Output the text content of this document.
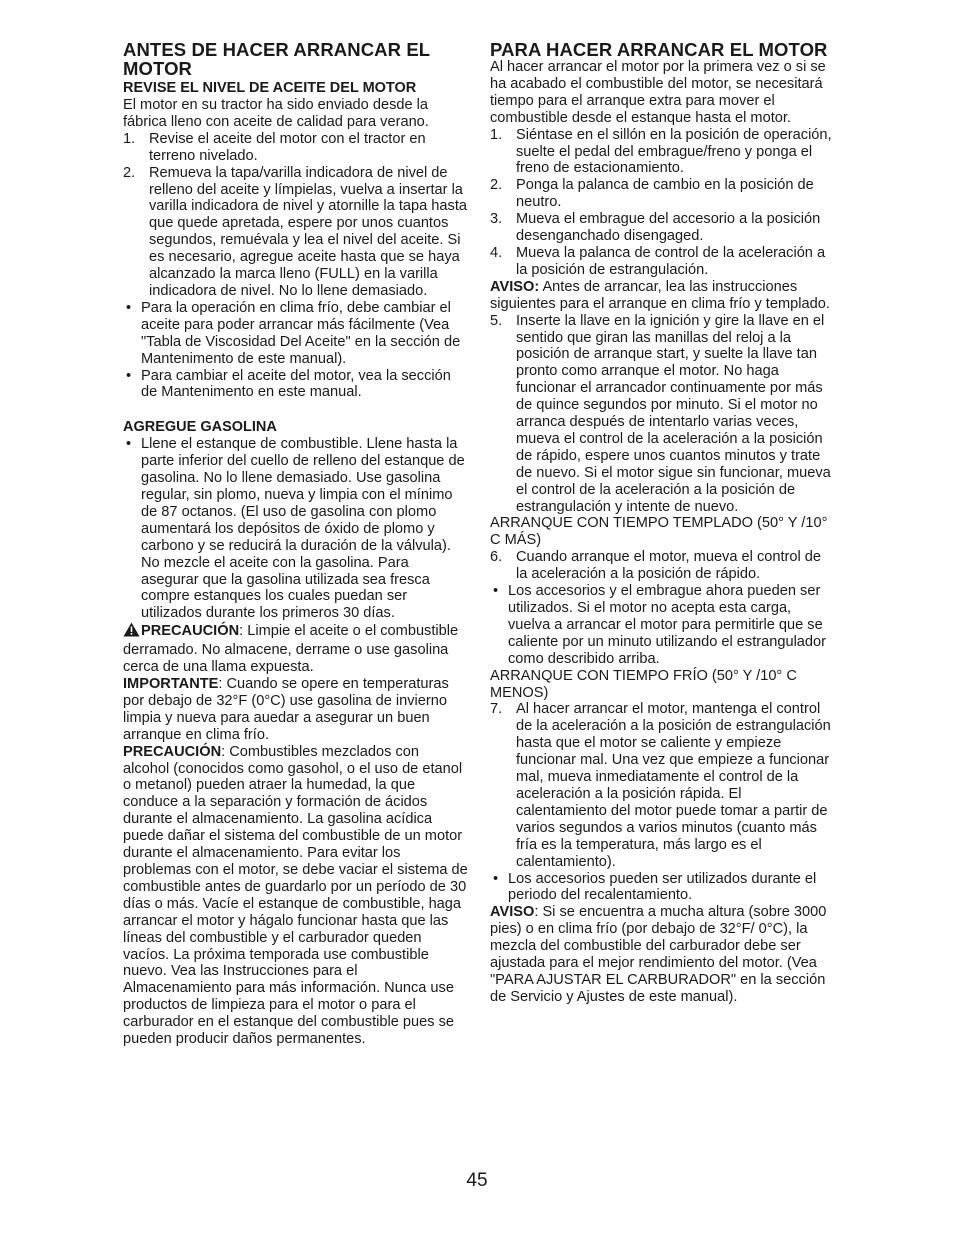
ANTES DE HACER ARRANCAR EL MOTOR
REVISE EL NIVEL DE ACEITE DEL MOTOR
El motor en su tractor ha sido enviado desde la fábrica lleno con aceite de calidad para verano.
1. Revise el aceite del motor con el tractor en terreno nivelado.
2. Remueva la tapa/varilla indicadora de nivel de relleno del aceite y límpielas, vuelva a insertar la varilla indicadora de nivel y atornille la tapa hasta que quede apretada, espere por unos cuantos segundos, remuévala y lea el nivel del aceite. Si es necesario, agregue aceite hasta que se haya alcanzado la marca lleno (FULL) en la varilla indicadora de nivel. No lo llene demasiado.
• Para la operación en clima frío, debe cambiar el aceite para poder arrancar más fácilmente (Vea "Tabla de Viscosidad Del Aceite" en la sección de Mantenimento de este manual).
• Para cambiar el aceite del motor, vea la sección de Mantenimento en este manual.
AGREGUE GASOLINA
• Llene el estanque de combustible. Llene hasta la parte inferior del cuello de relleno del estanque de gasolina. No lo llene demasiado. Use gasolina regular, sin plomo, nueva y limpia con el mínimo de 87 octanos. (El uso de gasolina con plomo aumentará los depósitos de óxido de plomo y carbono y se reducirá la duración de la válvula). No mezcle el aceite con la gasolina. Para asegurar que la gasolina utilizada sea fresca compre estanques los cuales puedan ser utilizados durante los primeros 30 días.
PRECAUCIÓN: Limpie el aceite o el combustible derramado. No almacene, derrame o use gasolina cerca de una llama expuesta.
IMPORTANTE: Cuando se opere en temperaturas por debajo de 32°F (0°C) use gasolina de invierno limpia y nueva para auedar a asegurar un buen arranque en clima frío.
PRECAUCIÓN: Combustibles mezclados con alcohol (conocidos como gasohol, o el uso de etanol o metanol) pueden atraer la humedad, la que conduce a la separación y formación de ácidos durante el almacenamiento. La gasolina acídica puede dañar el sistema del combustible de un motor durante el almacenamiento. Para evitar los problemas con el motor, se debe vaciar el sistema de combustible antes de guardarlo por un período de 30 días o más. Vacíe el estanque de combustible, haga arrancar el motor y hágalo funcionar hasta que las líneas del combustible y el carburador queden vacíos. La próxima temporada use combustible nuevo. Vea las Instrucciones para el Almacenamiento para más información. Nunca use productos de limpieza para el motor o para el carburador en el estanque del combustible pues se pueden producir daños permanentes.
PARA HACER ARRANCAR EL MOTOR
Al hacer arrancar el motor por la primera vez o si se ha acabado el combustible del motor, se necesitará tiempo para el arranque extra para mover el combustible desde el estanque hasta el motor.
1. Siéntase en el sillón en la posición de operación, suelte el pedal del embrague/freno y ponga el freno de estacionamiento.
2. Ponga la palanca de cambio en la posición de neutro.
3. Mueva el embrague del accesorio a la posición desenganchado disengaged.
4. Mueva la palanca de control de la aceleración a la posición de estrangulación.
AVISO: Antes de arrancar, lea las instrucciones siguientes para el arranque en clima frío y templado.
5. Inserte la llave en la ignición y gire la llave en el sentido que giran las manillas del reloj a la posición de arranque start, y suelte la llave tan pronto como arranque el motor. No haga funcionar el arrancador continuamente por más de quince segundos por minuto. Si el motor no arranca después de intentarlo varias veces, mueva el control de la aceleración a la posición de rápido, espere unos cuantos minutos y trate de nuevo. Si el motor sigue sin funcionar, mueva el control de la aceleración a la posición de estrangulación y intente de nuevo.
ARRANQUE CON TIEMPO TEMPLADO (50° Y /10° C MÁS)
6. Cuando arranque el motor, mueva el control de la aceleración a la posición de rápido.
• Los accesorios y el embrague ahora pueden ser utilizados. Si el motor no acepta esta carga, vuelva a arrancar el motor para permitirle que se caliente por un minuto utilizando el estrangulador como describido arriba.
ARRANQUE CON TIEMPO FRÍO (50° Y /10° C MENOS)
7. Al hacer arrancar el motor, mantenga el control de la aceleración a la posición de estrangulación hasta que el motor se caliente y empieze funcionar mal. Una vez que empieze a funcionar mal, mueva inmediatamente el control de la aceleración a la posición rápida. El calentamiento del motor puede tomar a partir de varios segundos a varios minutos (cuanto más fría es la temperatura, más largo es el calentamiento).
• Los accesorios pueden ser utilizados durante el periodo del recalentamiento.
AVISO: Si se encuentra a mucha altura (sobre 3000 pies) o en clima frío (por debajo de 32°F/ 0°C), la mezcla del combustible del carburador debe ser ajustada para el mejor rendimiento del motor. (Vea "PARA AJUSTAR EL CARBURADOR" en la sección de Servicio y Ajustes de este manual).
45
